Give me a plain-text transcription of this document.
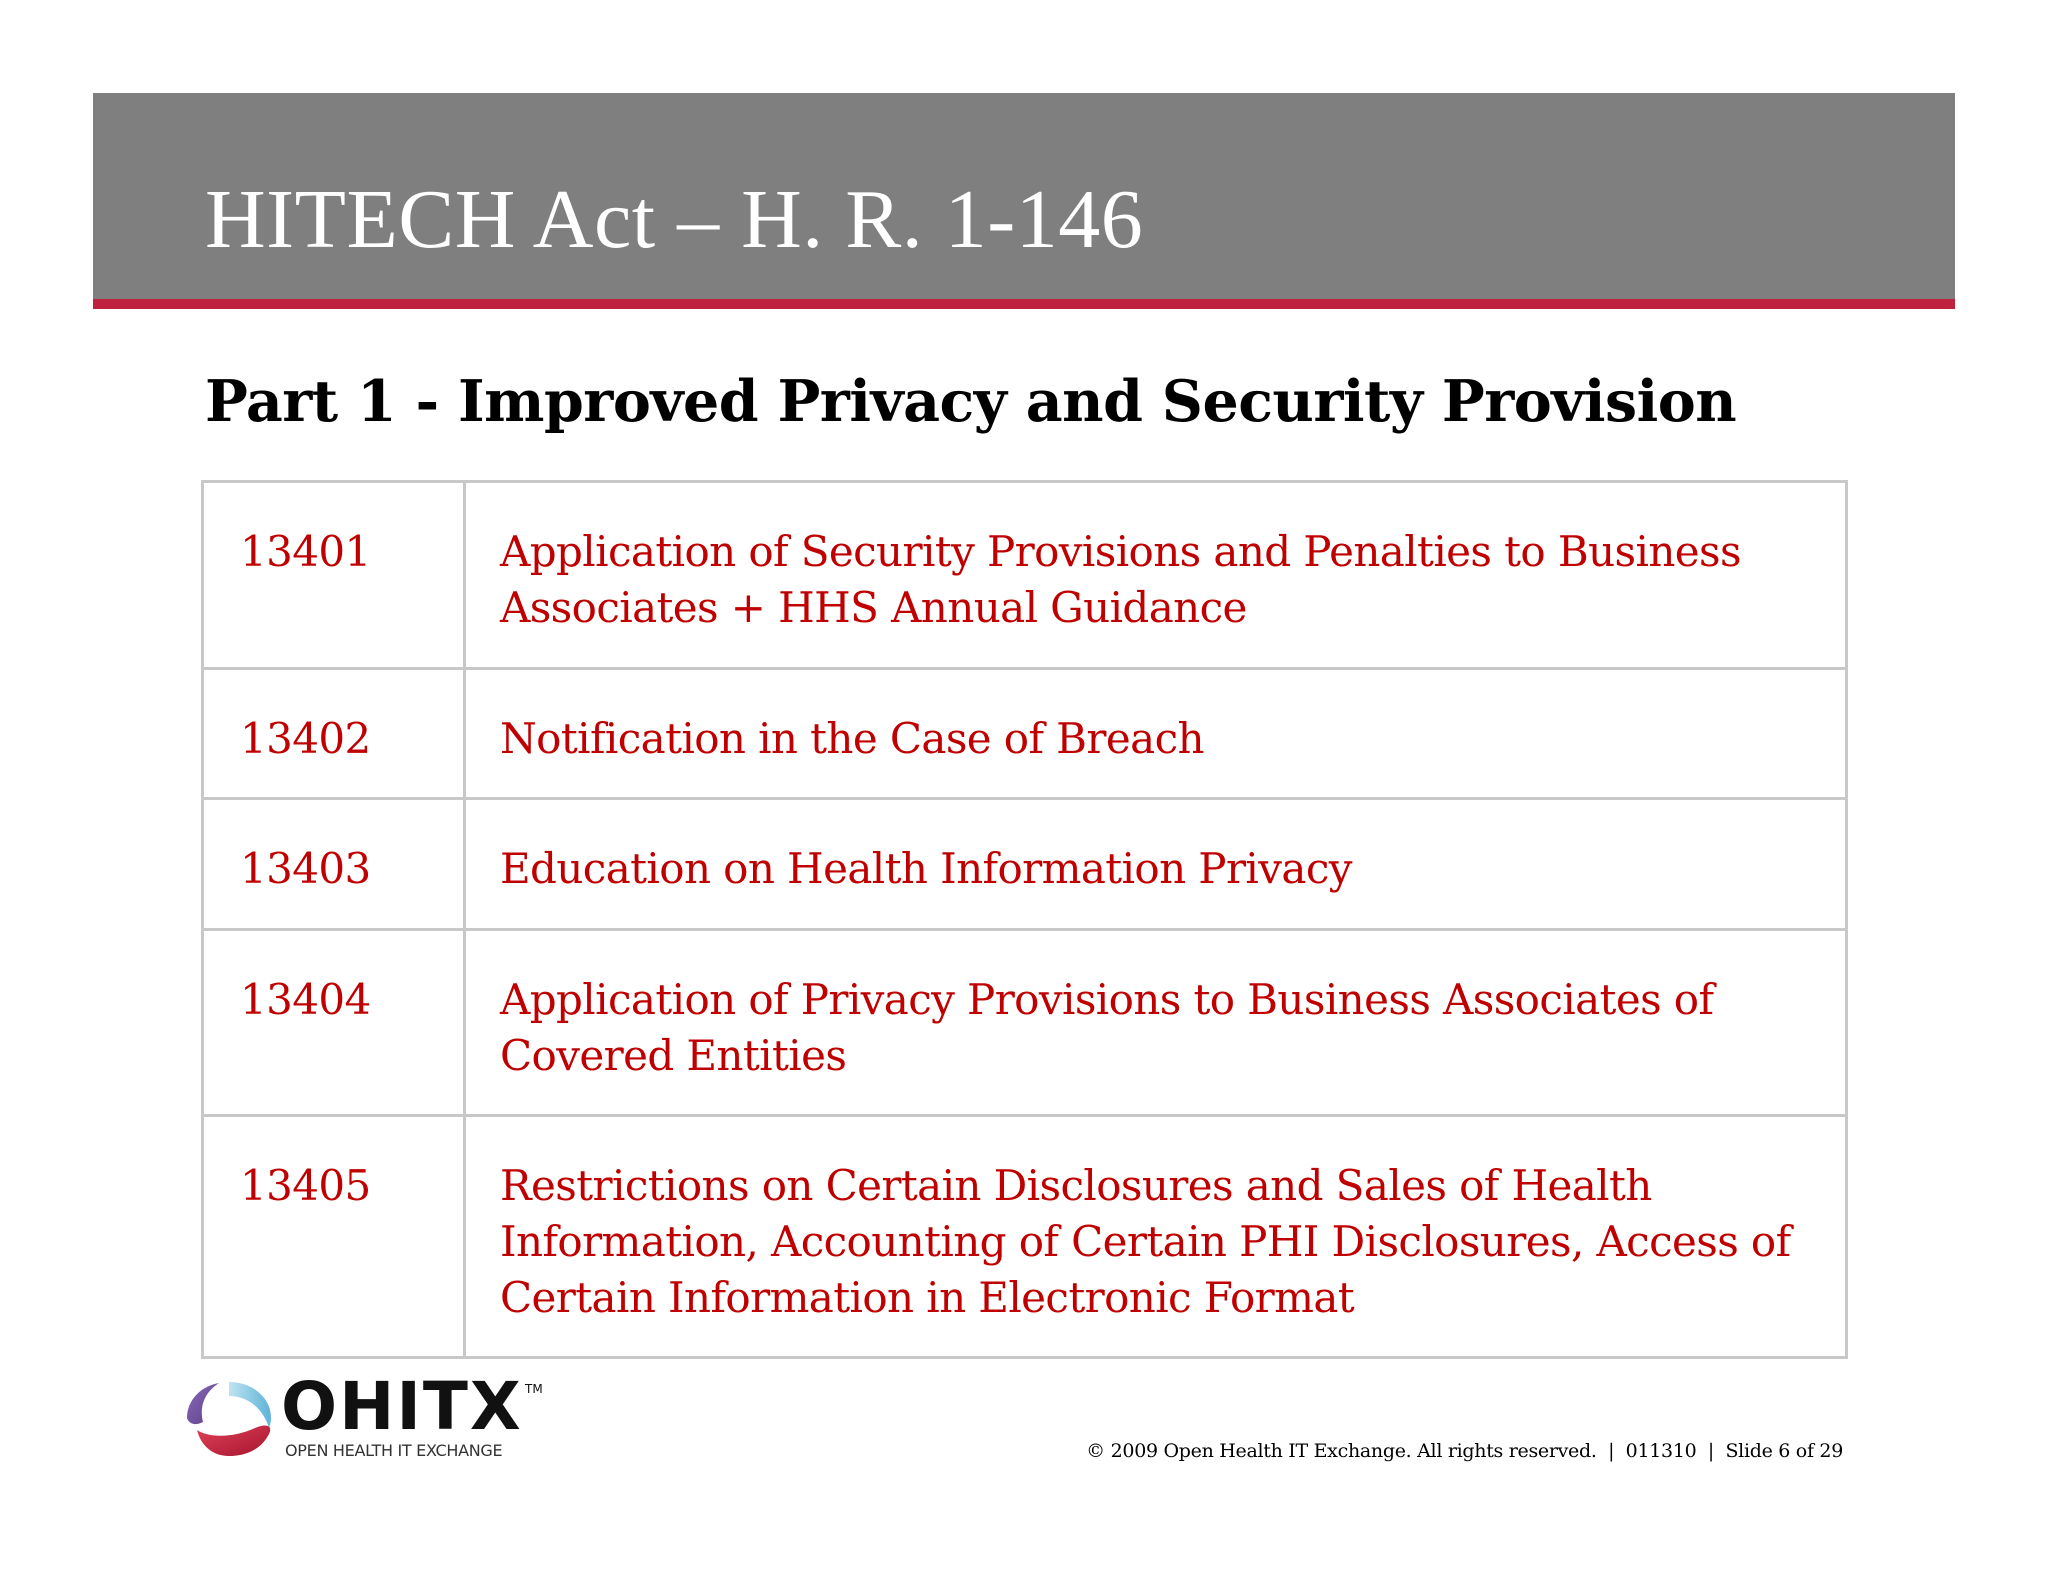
HITECH Act – H. R. 1-146
Part 1 - Improved Privacy and Security Provision
13401	Application of Security Provisions and Penalties to Business Associates + HHS Annual Guidance
13402	Notification in the Case of Breach
13403	Education on Health Information Privacy
13404	Application of Privacy Provisions to Business Associates of Covered Entities
13405	Restrictions on Certain Disclosures and Sales of Health Information, Accounting of Certain PHI Disclosures, Access of Certain Information in Electronic Format
OHITX TM
OPEN HEALTH IT EXCHANGE	© 2009 Open Health IT Exchange. All rights reserved.  |  011310  |  Slide 6 of 29
